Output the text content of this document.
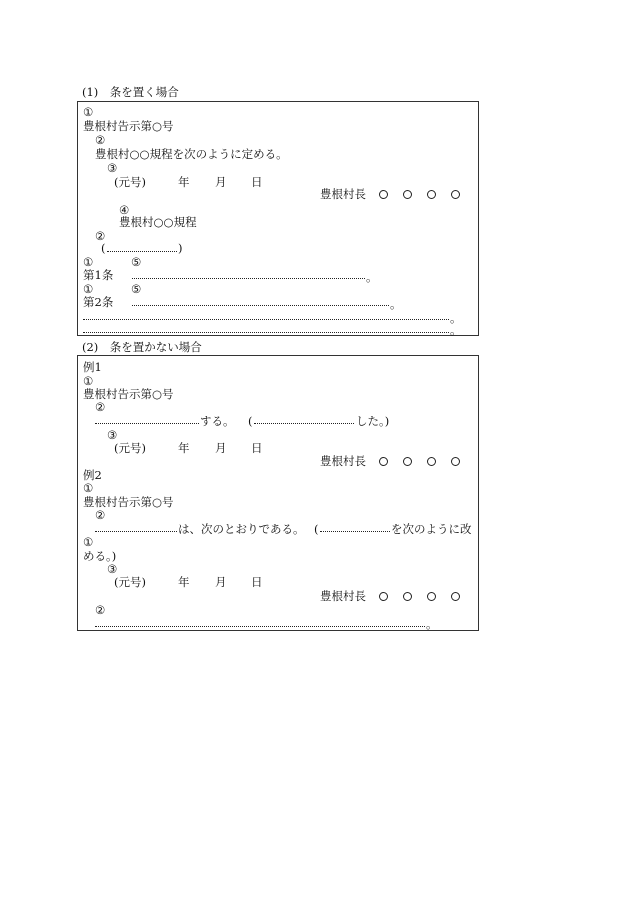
(1)　条を置く場合
①
豊根村告示第○号
②
豊根村○○規程を次のように定める。
③
(元号)	年 月 日
豊根村長
④
豊根村○○規程
②
(	)
①	⑤
第1条	。
①	⑤
第2条	。
。
。
(2)　条を置かない場合
例1
①
豊根村告示第○号
②
する。 (	した。)
③
(元号)	年 月 日
豊根村長
例2
①
豊根村告示第○号
②
は、次のとおりである。 (	を次のように改
①
める。)
③
(元号)	年 月 日
豊根村長
②
。
